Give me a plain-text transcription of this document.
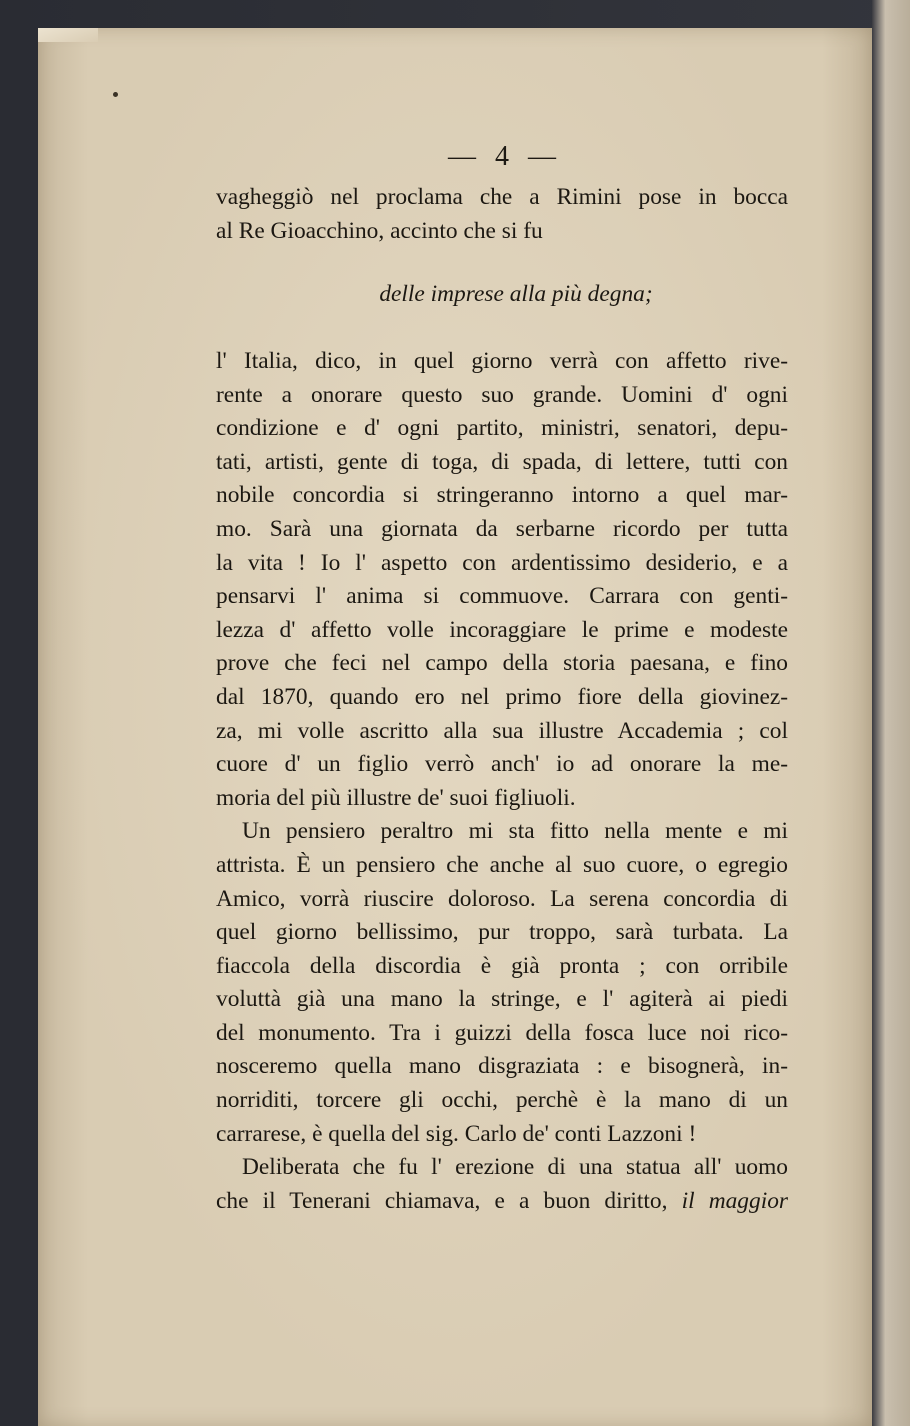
— 4 —
vagheggiò nel proclama che a Rimini pose in bocca
al Re Gioacchino, accinto che si fu
delle imprese alla più degna;
l' Italia, dico, in quel giorno verrà con affetto rive-
rente a onorare questo suo grande. Uomini d' ogni
condizione e d' ogni partito, ministri, senatori, depu-
tati, artisti, gente di toga, di spada, di lettere, tutti con
nobile concordia si stringeranno intorno a quel mar-
mo. Sarà una giornata da serbarne ricordo per tutta
la vita ! Io l' aspetto con ardentissimo desiderio, e a
pensarvi l' anima si commuove. Carrara con genti-
lezza d' affetto volle incoraggiare le prime e modeste
prove che feci nel campo della storia paesana, e fino
dal 1870, quando ero nel primo fiore della giovinez-
za, mi volle ascritto alla sua illustre Accademia ; col
cuore d' un figlio verrò anch' io ad onorare la me-
moria del più illustre de' suoi figliuoli.
Un pensiero peraltro mi sta fitto nella mente e mi
attrista. È un pensiero che anche al suo cuore, o egregio
Amico, vorrà riuscire doloroso. La serena concordia di
quel giorno bellissimo, pur troppo, sarà turbata. La
fiaccola della discordia è già pronta ; con orribile
voluttà già una mano la stringe, e l' agiterà ai piedi
del monumento. Tra i guizzi della fosca luce noi rico-
nosceremo quella mano disgraziata : e bisognerà, in-
norriditi, torcere gli occhi, perchè è la mano di un
carrarese, è quella del sig. Carlo de' conti Lazzoni !
Deliberata che fu l' erezione di una statua all' uomo
che il Tenerani chiamava, e a buon diritto, il maggior
